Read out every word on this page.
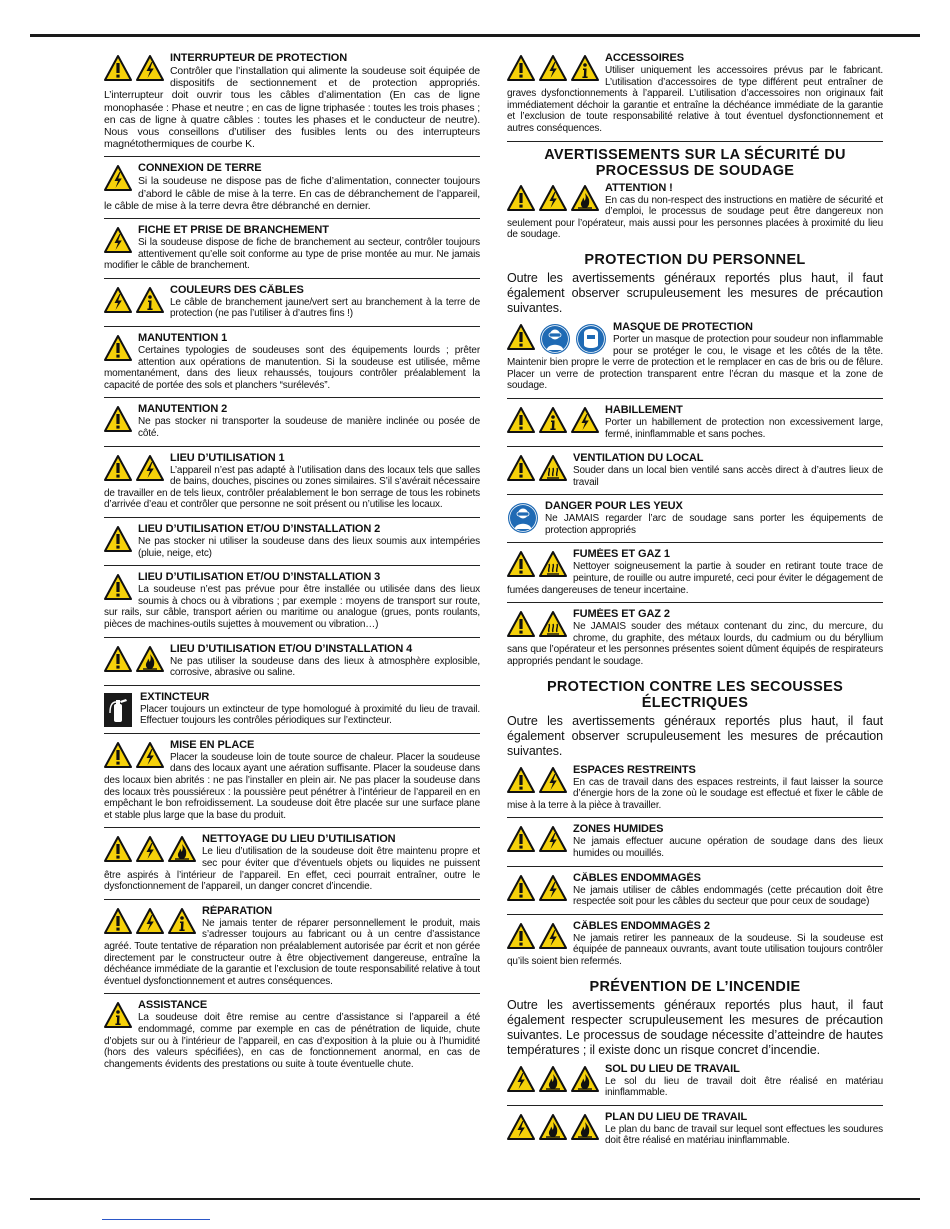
INTERRUPTEUR DE PROTECTION

Contrôler que l’installation qui alimente la soudeuse soit équipée de dispositifs de sectionnement et de protection appropriés. L’interrupteur doit ouvrir tous les câbles d’alimentation (En cas de ligne monophasée : Phase et neutre ; en cas de ligne triphasée : toutes les trois phases ; en cas de ligne à quatre câbles : toutes les phases et le conducteur de neutre). Nous vous conseillons d’utiliser des fusibles lents ou des interrupteurs magnétothermiques de courbe K.

CONNEXION DE TERRE

Si la soudeuse ne dispose pas de fiche d’alimentation, connecter toujours d’abord le câble de mise à la terre. En cas de débranchement de l’appareil, le câble de mise à la terre devra être débranché en dernier.

FICHE ET PRISE DE BRANCHEMENT

Si la soudeuse dispose de fiche de branchement au secteur, contrôler toujours attentivement qu’elle soit conforme au type de prise montée au mur. Ne jamais modifier le câble de branchement.

COULEURS DES CÂBLES

Le câble de branchement jaune/vert sert au branchement à la terre de protection (ne pas l’utiliser à d’autres fins !)

MANUTENTION 1

Certaines typologies de soudeuses sont des équipements lourds ; prêter attention aux opérations de manutention. Si la soudeuse est utilisée, même momentanément, dans des lieux rehaussés, toujours contrôler préalablement la capacité de portée des sols et planchers “surélevés”.

MANUTENTION 2

Ne pas stocker ni transporter la soudeuse de manière inclinée ou posée de côté.

LIEU D’UTILISATION 1

L’appareil n’est pas adapté à l’utilisation dans des locaux tels que salles de bains, douches, piscines ou zones similaires. S’il s’avérait nécessaire de travailler en de tels lieux, contrôler préalablement le bon serrage de tous les robinets d’arrivée d’eau et contrôler que personne ne soit présent ou n’utilise les locaux.

LIEU D’UTILISATION ET/OU D’INSTALLATION 2

Ne pas stocker ni utiliser la soudeuse dans des lieux soumis aux intempéries (pluie, neige, etc)

LIEU D’UTILISATION ET/OU D’INSTALLATION 3

La soudeuse n’est pas prévue pour être installée ou utilisée dans des lieux soumis à chocs ou à vibrations ; par exemple : moyens de transport sur route, sur rails, sur câble, transport aérien ou maritime ou analogue (grues, ponts roulants, pièces de machines-outils sujettes à mouvement ou vibration…)

LIEU D’UTILISATION ET/OU D’INSTALLATION 4

Ne pas utiliser la soudeuse dans des lieux à atmosphère explosible, corrosive, abrasive ou saline.

EXTINCTEUR

Placer toujours un extincteur de type homologué à proximité du lieu de travail. Effectuer toujours les contrôles périodiques sur l’extincteur.

MISE EN PLACE

Placer la soudeuse loin de toute source de chaleur. Placer la soudeuse dans des locaux ayant une aération suffisante. Placer la soudeuse dans des locaux bien abrités : ne pas l’installer en plein air. Ne pas placer la soudeuse dans des locaux très poussiéreux : la poussière peut pénétrer à l’intérieur de l’appareil en en empêchant le bon refroidissement. La soudeuse doit être placée sur une surface plane et stable plus large que la base du produit.

NETTOYAGE DU LIEU D’UTILISATION

Le lieu d’utilisation de la soudeuse doit être maintenu propre et sec pour éviter que d’éventuels objets ou liquides ne puissent être aspirés à l’intérieur de l’appareil. En effet, ceci pourrait entraîner, outre le dysfonctionnement de l’appareil, un danger concret d’incendie.

RÉPARATION

Ne jamais tenter de réparer personnellement le produit, mais s’adresser toujours au fabricant ou à un centre d’assistance agréé. Toute tentative de réparation non préalablement autorisée par écrit et non gérée directement par le constructeur outre à être objectivement dangereuse, entraîne la déchéance immédiate de la garantie et l’exclusion de toute responsabilité relative à tout éventuel dysfonctionnement et autres conséquences.

ASSISTANCE

La soudeuse doit être remise au centre d’assistance si l’appareil a été endommagé, comme par exemple en cas de pénétration de liquide, chute d’objets sur ou à l’intérieur de l’appareil, en cas d’exposition à la pluie ou à l’humidité (hors des valeurs spécifiées), en cas de fonctionnement anormal, en cas de changements évidents des prestations ou suite à toute éventuelle chute.

ACCESSOIRES

Utiliser uniquement les accessoires prévus par le fabricant. L’utilisation d’accessoires de type différent peut entraîner de graves dysfonctionnements à l’appareil. L’utilisation d’accessoires non originaux fait immédiatement déchoir la garantie et entraîne la déchéance immédiate de la garantie et l’exclusion de toute responsabilité relative à tout éventuel dysfonctionnement et autres conséquences.

AVERTISSEMENTS SUR LA SÉCURITÉ DU PROCESSUS DE SOUDAGE
ATTENTION !

En cas du non-respect des instructions en matière de sécurité et d’emploi, le processus de soudage peut être dangereux non seulement pour l’opérateur, mais aussi pour les personnes placées à proximité du lieu de soudage.

PROTECTION DU PERSONNEL
Outre les avertissements généraux reportés plus haut, il faut également observer scrupuleusement les mesures de précaution suivantes.
MASQUE DE PROTECTION

Porter un masque de protection pour soudeur non inflammable pour se protéger le cou, le visage et les côtés de la tête. Maintenir bien propre le verre de protection et le remplacer en cas de bris ou de fêlure. Placer un verre de protection transparent entre l’écran du masque et la zone de soudage.

HABILLEMENT

Porter un habillement de protection non excessivement large, fermé, ininflammable et sans poches.

VENTILATION DU LOCAL

Souder dans un local bien ventilé sans accès direct à d’autres lieux de travail

DANGER POUR LES YEUX

Ne JAMAIS regarder l’arc de soudage sans porter les équipements de protection appropriés

FUMÉES ET GAZ 1

Nettoyer soigneusement la partie à souder en retirant toute trace de peinture, de rouille ou autre impureté, ceci pour éviter le dégagement de fumées dangereuses de teneur incertaine.

FUMÉES ET GAZ 2

Ne JAMAIS souder des métaux contenant du zinc, du mercure, du chrome, du graphite, des métaux lourds, du cadmium ou du béryllium sans que l’opérateur et les personnes présentes soient dûment équipés de respirateurs appropriés pendant le soudage.

PROTECTION CONTRE LES SECOUSSES ÉLECTRIQUES
Outre les avertissements généraux reportés plus haut, il faut également observer scrupuleusement les mesures de précaution suivantes.
ESPACES RESTREINTS

En cas de travail dans des espaces restreints, il faut laisser la source d’énergie hors de la zone où le soudage est effectué et fixer le câble de mise à la terre à la pièce à travailler.

ZONES HUMIDES

Ne jamais effectuer aucune opération de soudage dans des lieux humides ou mouillés.

CÂBLES ENDOMMAGÉS

Ne jamais utiliser de câbles endommagés (cette précaution doit être respectée soit pour les câbles du secteur que pour ceux de soudage)

CÂBLES ENDOMMAGÉS 2

Ne jamais retirer les panneaux de la soudeuse. Si la soudeuse est équipée de panneaux ouvrants, avant toute utilisation toujours contrôler qu’ils soient bien refermés.

PRÉVENTION DE L’INCENDIE
Outre les avertissements généraux reportés plus haut, il faut également respecter scrupuleusement les mesures de précaution suivantes. Le processus de soudage nécessite d’atteindre de hautes températures ; il existe donc un risque concret d’incendie.
SOL DU LIEU DE TRAVAIL

Le sol du lieu de travail doit être réalisé en matériau ininflammable.

PLAN DU LIEU DE TRAVAIL

Le plan du banc de travail sur lequel sont effectues les soudures doit être réalisé en matériau ininflammable.
